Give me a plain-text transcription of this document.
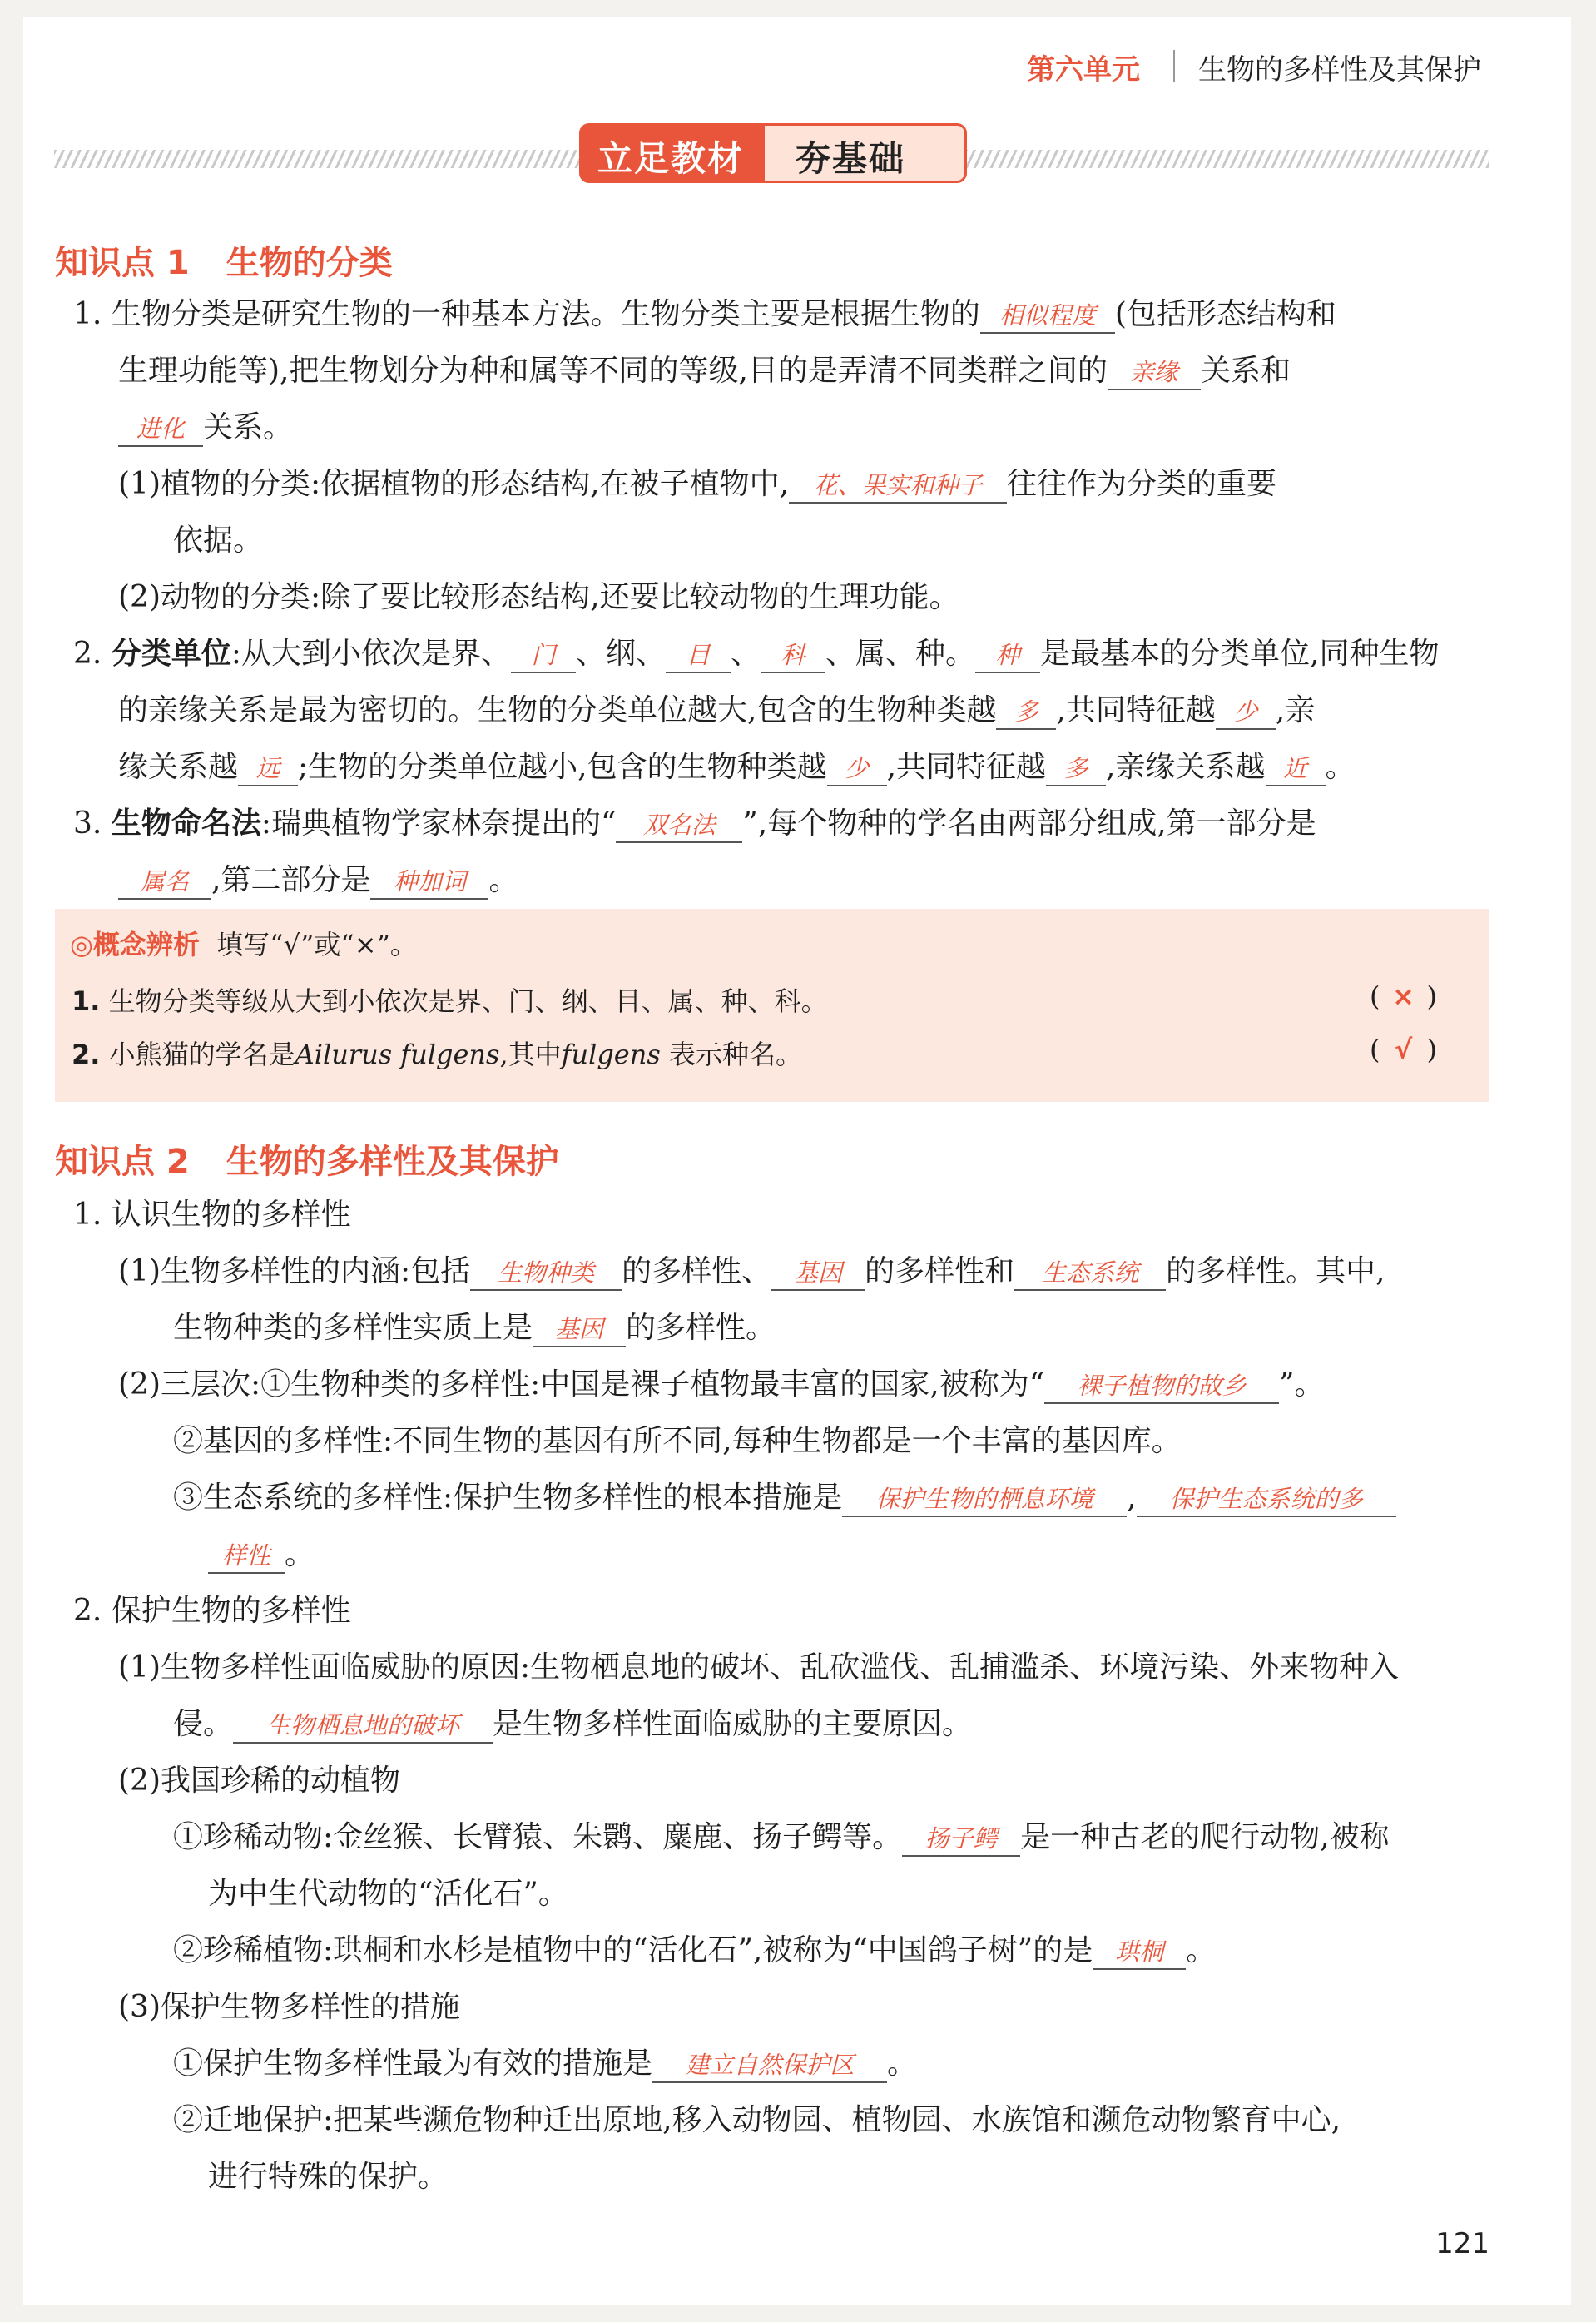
第六单元 生物的多样性及其保护
立足教材 夯基础
知识点 1 生物的分类
1. 生物分类是研究生物的一种基本方法。生物分类主要是根据生物的 相似程度 (包括形态结构和
生理功能等),把生物划分为种和属等不同的等级,目的是弄清不同类群之间的 亲缘 关系和
进化 关系。
(1)植物的分类:依据植物的形态结构,在被子植物中, 花、果实和种子 往往作为分类的重要
依据。
(2)动物的分类:除了要比较形态结构,还要比较动物的生理功能。
2. 分类单位:从大到小依次是界、 门 、纲、 目 、 科 、属、种。 种 是最基本的分类单位,同种生物
的亲缘关系是最为密切的。生物的分类单位越大,包含的生物种类越 多 ,共同特征越 少 ,亲
缘关系越 远 ;生物的分类单位越小,包含的生物种类越 少 ,共同特征越 多 ,亲缘关系越 近 。
3. 生物命名法:瑞典植物学家林奈提出的“ 双名法 ”,每个物种的学名由两部分组成,第一部分是
属名 ,第二部分是 种加词 。
◎概念辨析 填写“√”或“×”。
1. 生物分类等级从大到小依次是界、门、纲、目、属、种、科。	( × )
2. 小熊猫的学名是Ailurus fulgens,其中fulgens 表示种名。	( √ )
知识点 2 生物的多样性及其保护
1. 认识生物的多样性
(1)生物多样性的内涵:包括 生物种类 的多样性、 基因 的多样性和 生态系统 的多样性。其中,
生物种类的多样性实质上是 基因 的多样性。
(2)三层次:①生物种类的多样性:中国是裸子植物最丰富的国家,被称为“ 裸子植物的故乡 ”。
②基因的多样性:不同生物的基因有所不同,每种生物都是一个丰富的基因库。
③生态系统的多样性:保护生物多样性的根本措施是 保护生物的栖息环境 , 保护生态系统的多
样性 。
2. 保护生物的多样性
(1)生物多样性面临威胁的原因:生物栖息地的破坏、乱砍滥伐、乱捕滥杀、环境污染、外来物种入
侵。 生物栖息地的破坏 是生物多样性面临威胁的主要原因。
(2)我国珍稀的动植物
①珍稀动物:金丝猴、长臂猿、朱鹮、麋鹿、扬子鳄等。 扬子鳄 是一种古老的爬行动物,被称
为中生代动物的“活化石”。
②珍稀植物:珙桐和水杉是植物中的“活化石”,被称为“中国鸽子树”的是 珙桐 。
(3)保护生物多样性的措施
①保护生物多样性最为有效的措施是 建立自然保护区 。
②迁地保护:把某些濒危物种迁出原地,移入动物园、植物园、水族馆和濒危动物繁育中心,
进行特殊的保护。
121
